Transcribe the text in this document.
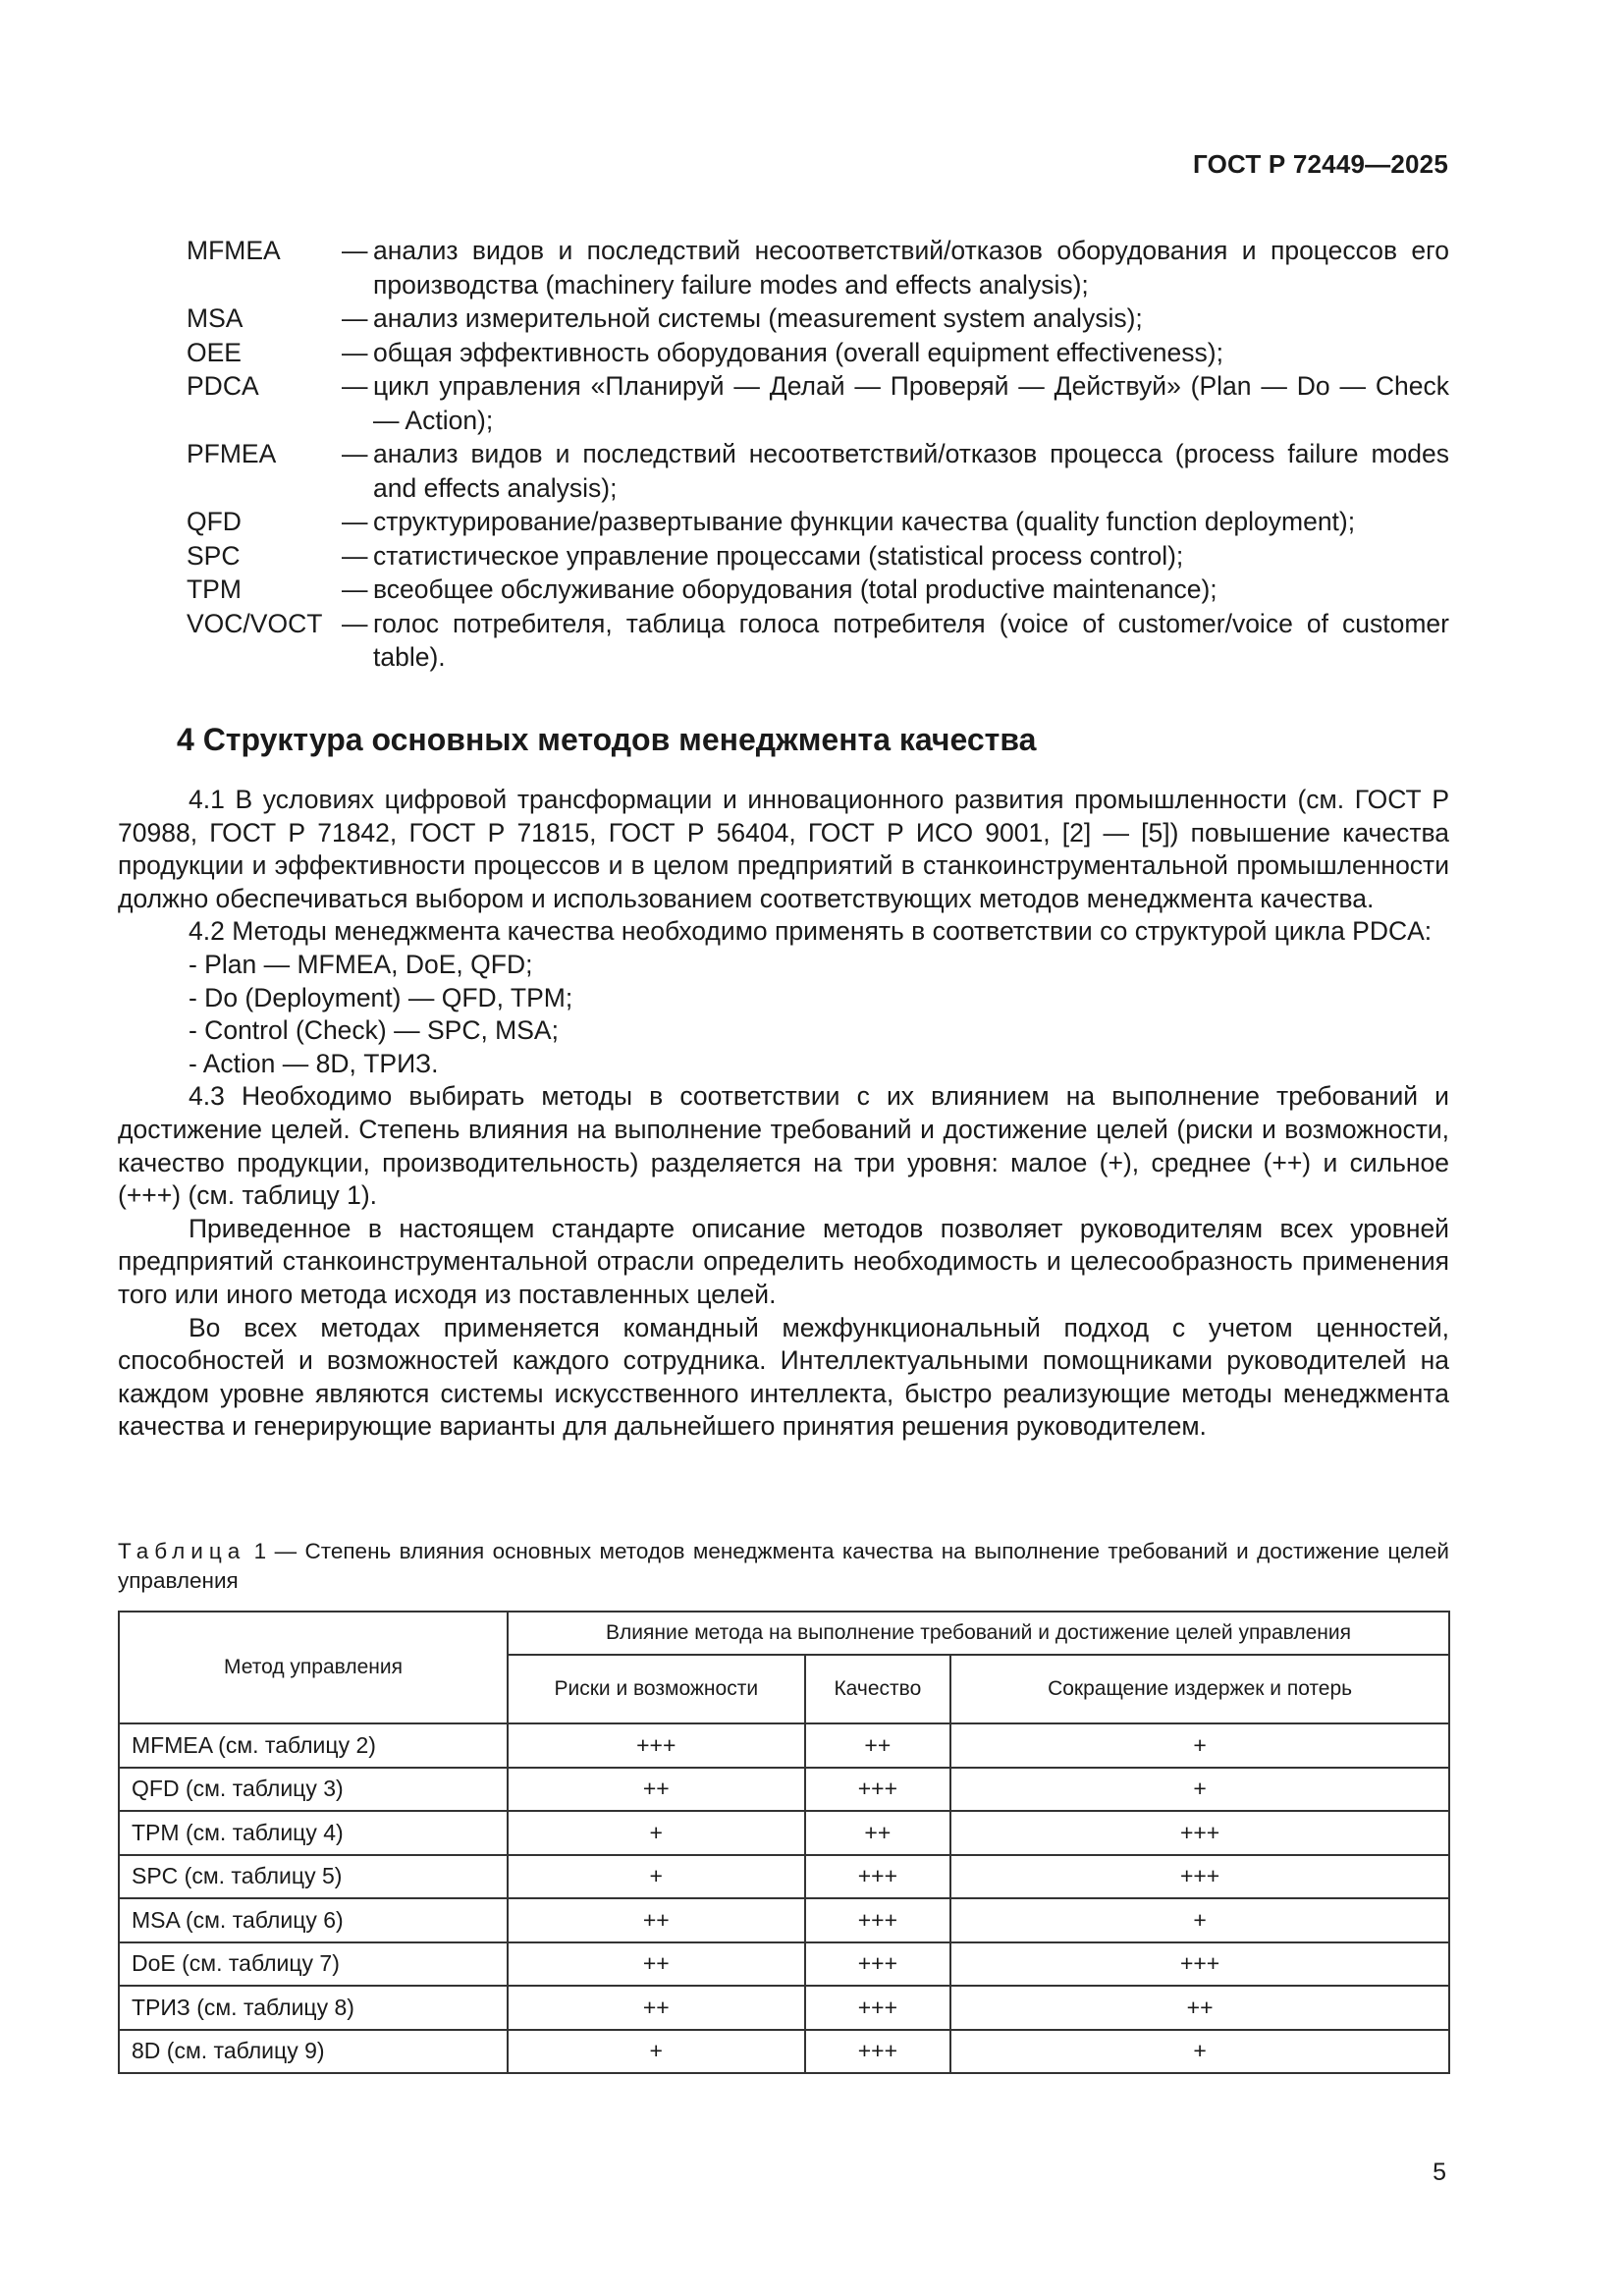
ГОСТ Р 72449—2025
MFMEA	— анализ видов и последствий несоответствий/отказов оборудования и процессов его производства (machinery failure modes and effects analysis);
MSA	— анализ измерительной системы (measurement system analysis);
OEE	— общая эффективность оборудования (overall equipment effectiveness);
PDCA	— цикл управления «Планируй — Делай — Проверяй — Действуй» (Plan — Do — Check — Action);
PFMEA	— анализ видов и последствий несоответствий/отказов процесса (process failure modes and effects analysis);
QFD	— структурирование/развертывание функции качества (quality function deployment);
SPC	— статистическое управление процессами (statistical process control);
TPM	— всеобщее обслуживание оборудования (total productive maintenance);
VOC/VOCT — голос потребителя, таблица голоса потребителя (voice of customer/voice of customer table).
4 Структура основных методов менеджмента качества

4.1 В условиях цифровой трансформации и инновационного развития промышленности (см. ГОСТ Р 70988, ГОСТ Р 71842, ГОСТ Р 71815, ГОСТ Р 56404, ГОСТ Р ИСО 9001, [2] — [5]) повышение качества продукции и эффективности процессов и в целом предприятий в станкоинструментальной промышленности должно обеспечиваться выбором и использованием соответствующих методов менеджмента качества.

4.2 Методы менеджмента качества необходимо применять в соответствии со структурой цикла PDCA:

- Plan — MFMEA, DoE, QFD;

- Do (Deployment) — QFD, TPM;

- Control (Check) — SPC, MSA;

- Action — 8D, ТРИЗ.

4.3 Необходимо выбирать методы в соответствии с их влиянием на выполнение требований и достижение целей. Степень влияния на выполнение требований и достижение целей (риски и возможности, качество продукции, производительность) разделяется на три уровня: малое (+), среднее (++) и сильное (+++) (см. таблицу 1).

Приведенное в настоящем стандарте описание методов позволяет руководителям всех уровней предприятий станкоинструментальной отрасли определить необходимость и целесообразность применения того или иного метода исходя из поставленных целей.

Во всех методах применяется командный межфункциональный подход с учетом ценностей, способностей и возможностей каждого сотрудника. Интеллектуальными помощниками руководителей на каждом уровне являются системы искусственного интеллекта, быстро реализующие методы менеджмента качества и генерирующие варианты для дальнейшего принятия решения руководителем.

Таблица 1 — Степень влияния основных методов менеджмента качества на выполнение требований и достижение целей управления
Метод управления	Влияние метода на выполнение требований и достижение целей управления		
	Риски и возможности	Качество	Сокращение издержек и потерь
MFMEA (см. таблицу 2)	+++	++	+
QFD (см. таблицу 3)	++	+++	+
TPM (см. таблицу 4)	+	++	+++
SPC (см. таблицу 5)	+	+++	+++
MSA (см. таблицу 6)	++	+++	+
DoE (см. таблицу 7)	++	+++	+++
ТРИЗ (см. таблицу 8)	++	+++	++
8D (см. таблицу 9)	+	+++	+
5
